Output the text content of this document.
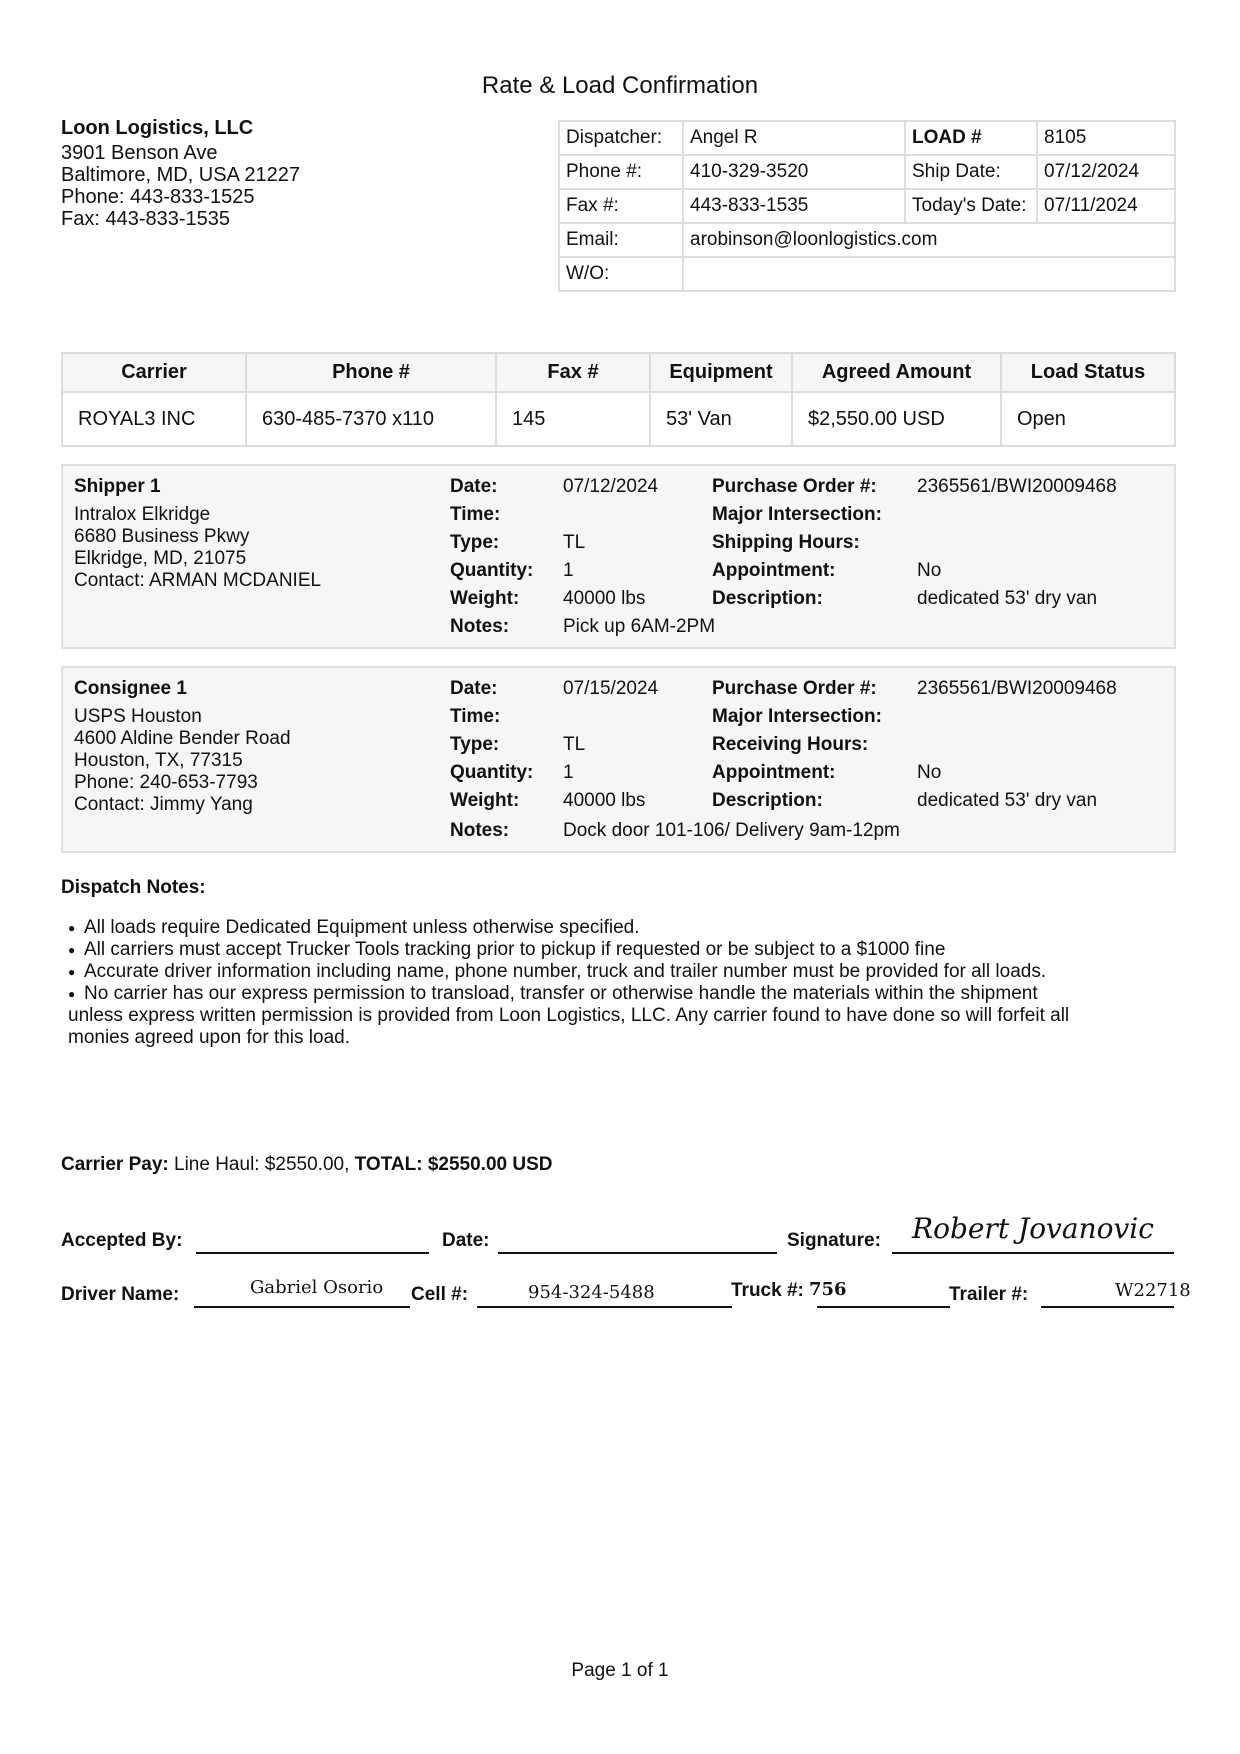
Rate & Load Confirmation
Loon Logistics, LLC
3901 Benson Ave
Baltimore, MD, USA 21227
Phone: 443-833-1525
Fax: 443-833-1535
Dispatcher:	Angel R	LOAD #	8105
Phone #:	410-329-3520	Ship Date:	07/12/2024
Fax #:	443-833-1535	Today's Date:	07/11/2024
Email:	arobinson@loonlogistics.com		
W/O:			
Carrier	Phone #	Fax #	Equipment	Agreed Amount	Load Status
ROYAL3 INC	630-485-7370 x110	145	53' Van	$2,550.00 USD	Open
Shipper 1
Intralox Elkridge
6680 Business Pkwy
Elkridge, MD, 21075
Contact: ARMAN MCDANIEL
Date:	07/12/2024
Time:
Type:	TL
Quantity: 1
Weight: 40000 lbs
Notes:	Pick up 6AM-2PM
Purchase Order #: 2365561/BWI20009468
Major Intersection:
Shipping Hours:
Appointment:	No
Description:	dedicated 53' dry van
Consignee 1
USPS Houston
4600 Aldine Bender Road
Houston, TX, 77315
Phone: 240-653-7793
Contact: Jimmy Yang
Date:	07/15/2024
Time:
Type:	TL
Quantity: 1
Weight: 40000 lbs
Notes:	Dock door 101-106/ Delivery 9am-12pm
Purchase Order #: 2365561/BWI20009468
Major Intersection:
Receiving Hours:
Appointment:	No
Description:	dedicated 53' dry van
Dispatch Notes:
● All loads require Dedicated Equipment unless otherwise specified.
● All carriers must accept Trucker Tools tracking prior to pickup if requested or be subject to a $1000 fine
● Accurate driver information including name, phone number, truck and trailer number must be provided for all loads.
● No carrier has our express permission to transload, transfer or otherwise handle the materials within the shipment
unless express written permission is provided from Loon Logistics, LLC. Any carrier found to have done so will forfeit all
monies agreed upon for this load.
Carrier Pay: Line Haul: $2550.00, TOTAL: $2550.00 USD
Accepted By:	Date:	Signature: Robert Jovanovic
Driver Name:	Gabriel Osorio Cell #:	954-324-5488	Truck #: 756	Trailer #:	W22718
Page 1 of 1
